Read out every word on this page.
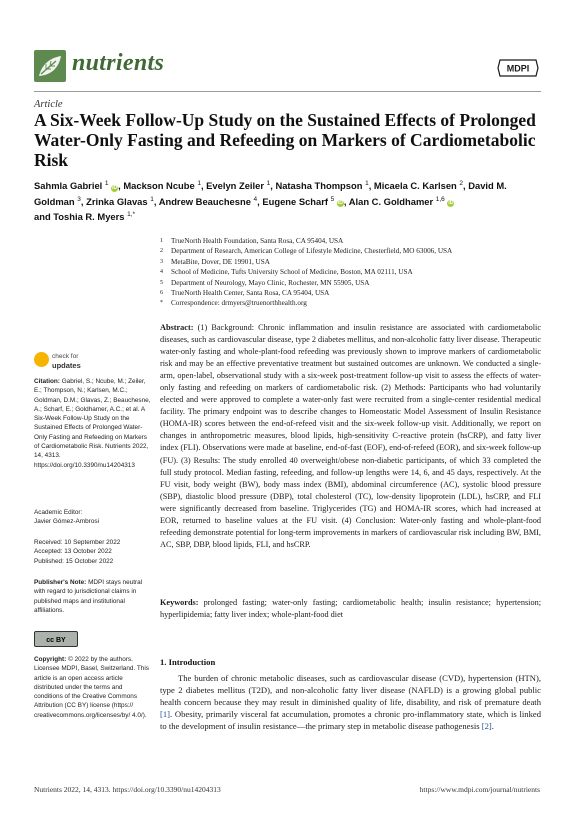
nutrients	MDPI
Article
A Six-Week Follow-Up Study on the Sustained Effects of Prolonged Water-Only Fasting and Refeeding on Markers of Cardiometabolic Risk
Sahmla Gabriel $^1$ iD, Mackson Ncube $^1$, Evelyn Zeiler $^1$, Natasha Thompson $^1$, Micaela C. Karlsen $^2$, David M. Goldman $^3$, Zrinka Glavas $^1$, Andrew Beauchesne $^4$, Eugene Scharf $^5$ iD, Alan C. Goldhamer $^{1,6}$ iD
and Toshia R. Myers $^{1,*}$
1	TrueNorth Health Foundation, Santa Rosa, CA 95404, USA
2	Department of Research, American College of Lifestyle Medicine, Chesterfield, MO 63006, USA
3	MetaBite, Dover, DE 19901, USA
4	School of Medicine, Tufts University School of Medicine, Boston, MA 02111, USA
5	Department of Neurology, Mayo Clinic, Rochester, MN 55905, USA
6	TrueNorth Health Center, Santa Rosa, CA 95404, USA
*	Correspondence: drmyers@truenorthhealth.org
check for
updates
Citation: Gabriel, S.; Ncube, M.; Zeiler, E.; Thompson, N.; Karlsen, M.C.; Goldman, D.M.; Glavas, Z.; Beauchesne, A.; Scharf, E.; Goldhamer, A.C.; et al. A Six-Week Follow-Up Study on the Sustained Effects of Prolonged Water-Only Fasting and Refeeding on Markers of Cardiometabolic Risk. Nutrients 2022, 14, 4313. https://doi.org/10.3390/nu14204313
Academic Editor:
Javier Gómez-Ambrosi
Received: 10 September 2022
Accepted: 13 October 2022
Published: 15 October 2022
Publisher's Note: MDPI stays neutral with regard to jurisdictional claims in published maps and institutional affiliations.
cc BY
Copyright: © 2022 by the authors. Licensee MDPI, Basel, Switzerland. This article is an open access article distributed under the terms and conditions of the Creative Commons Attribution (CC BY) license (https:// creativecommons.org/licenses/by/ 4.0/).
Abstract: (1) Background: Chronic inflammation and insulin resistance are associated with cardiometabolic diseases, such as cardiovascular disease, type 2 diabetes mellitus, and non-alcoholic fatty liver disease. Therapeutic water-only fasting and whole-plant-food refeeding was previously shown to improve markers of cardiometabolic risk and may be an effective preventative treatment but sustained outcomes are unknown. We conducted a single-arm, open-label, observational study with a six-week post-treatment follow-up visit to assess the effects of water-only fasting and refeeding on markers of cardiometabolic risk. (2) Methods: Participants who had voluntarily elected and were approved to complete a water-only fast were recruited from a single-center residential medical facility. The primary endpoint was to describe changes to Homeostatic Model Assessment of Insulin Resistance (HOMA-IR) scores between the end-of-refeed visit and the six-week follow-up visit. Additionally, we report on changes in anthropometric measures, blood lipids, high-sensitivity C-reactive protein (hsCRP), and fatty liver index (FLI). Observations were made at baseline, end-of-fast (EOF), end-of-refeed (EOR), and six-week follow-up (FU). (3) Results: The study enrolled 40 overweight/obese non-diabetic participants, of which 33 completed the full study protocol. Median fasting, refeeding, and follow-up lengths were 14, 6, and 45 days, respectively. At the FU visit, body weight (BW), body mass index (BMI), abdominal circumference (AC), systolic blood pressure (SBP), diastolic blood pressure (DBP), total cholesterol (TC), low-density lipoprotein (LDL), hsCRP, and FLI were significantly decreased from baseline. Triglycerides (TG) and HOMA-IR scores, which had increased at EOR, returned to baseline values at the FU visit. (4) Conclusion: Water-only fasting and whole-plant-food refeeding demonstrate potential for long-term improvements in markers of cardiovascular risk including BW, BMI, AC, SBP, DBP, blood lipids, FLI, and hsCRP.
Keywords: prolonged fasting; water-only fasting; cardiometabolic health; insulin resistance; hypertension; hyperlipidemia; fatty liver index; whole-plant-food diet
1. Introduction
The burden of chronic metabolic diseases, such as cardiovascular disease (CVD), hypertension (HTN), type 2 diabetes mellitus (T2D), and non-alcoholic fatty liver disease (NAFLD) is a growing global public health concern because they may result in diminished quality of life, disability, and risk of premature death [1]. Obesity, primarily visceral fat accumulation, promotes a chronic pro-inflammatory state, which is linked to the development of insulin resistance—the primary step in metabolic disease pathogenesis [2].
Nutrients 2022, 14, 4313. https://doi.org/10.3390/nu14204313	https://www.mdpi.com/journal/nutrients
